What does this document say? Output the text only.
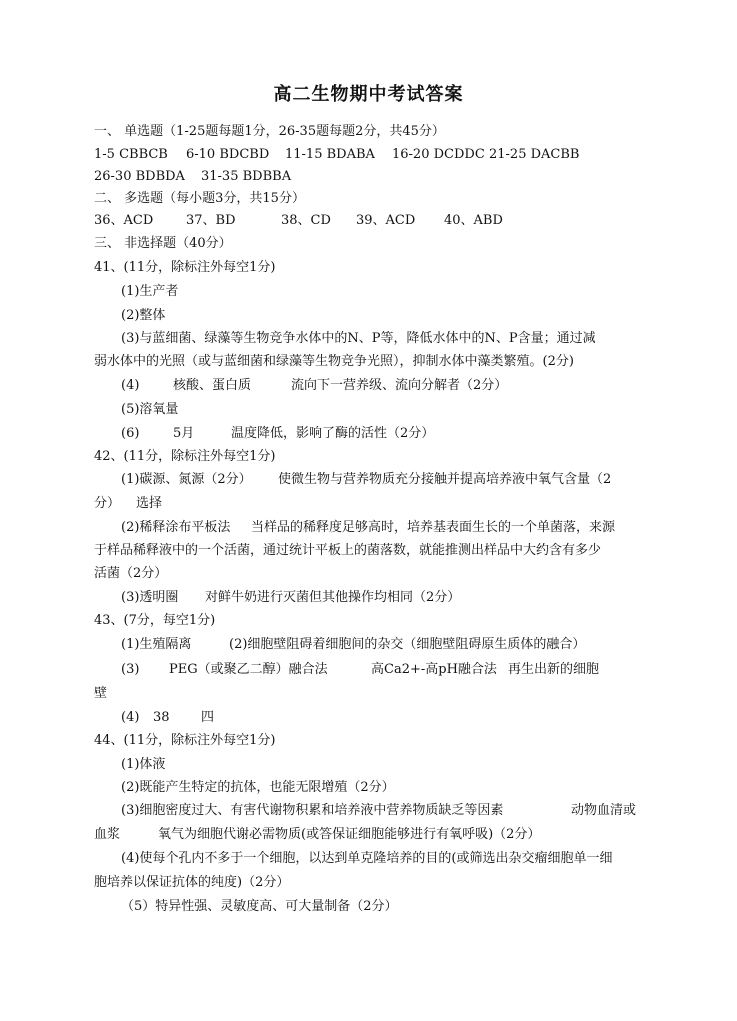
高二生物期中考试答案
一、 单选题（1-25题每题1分，26-35题每题2分，共45分）
1-5 CBBCB 6-10 BDCBD 11-15 BDABA 16-20 DCDDC 21-25 DACBB
26-30 BDBDA 31-35 BDBBA
二、 多选题（每小题3分，共15分）
36、ACD	37、BD	38、CD 39、ACD 40、ABD
三、 非选择题（40分）
41、(11分，除标注外每空1分)
(1)生产者
(2)整体
(3)与蓝细菌、绿藻等生物竞争水体中的N、P等，降低水体中的N、P含量；通过减
弱水体中的光照（或与蓝细菌和绿藻等生物竞争光照），抑制水体中藻类繁殖。(2分)
(4)	核酸、蛋白质	流向下一营养级、流向分解者（2分）
(5)溶氧量
(6)	5月	温度降低，影响了酶的活性（2分）
42、(11分，除标注外每空1分)
(1)碳源、氮源（2分） 使微生物与营养物质充分接触并提高培养液中氧气含量（2
分） 选择
(2)稀释涂布平板法 当样品的稀释度足够高时，培养基表面生长的一个单菌落，来源
于样品稀释液中的一个活菌，通过统计平板上的菌落数，就能推测出样品中大约含有多少
活菌（2分）
(3)透明圈 对鲜牛奶进行灭菌但其他操作均相同（2分）
43、(7分，每空1分)
(1)生殖隔离	(2)细胞壁阻碍着细胞间的杂交（细胞壁阻碍原生质体的融合）
(3) PEG（或聚乙二醇）融合法	高Ca2+-高pH融合法 再生出新的细胞
壁
(4) 38 四
44、(11分，除标注外每空1分)
(1)体液
(2)既能产生特定的抗体，也能无限增殖（2分）
(3)细胞密度过大、有害代谢物积累和培养液中营养物质缺乏等因素	动物血清或
血浆	氧气为细胞代谢必需物质(或答保证细胞能够进行有氧呼吸)（2分）
(4)使每个孔内不多于一个细胞，以达到单克隆培养的目的(或筛选出杂交瘤细胞单一细
胞培养以保证抗体的纯度)（2分）
（5）特异性强、灵敏度高、可大量制备（2分）
